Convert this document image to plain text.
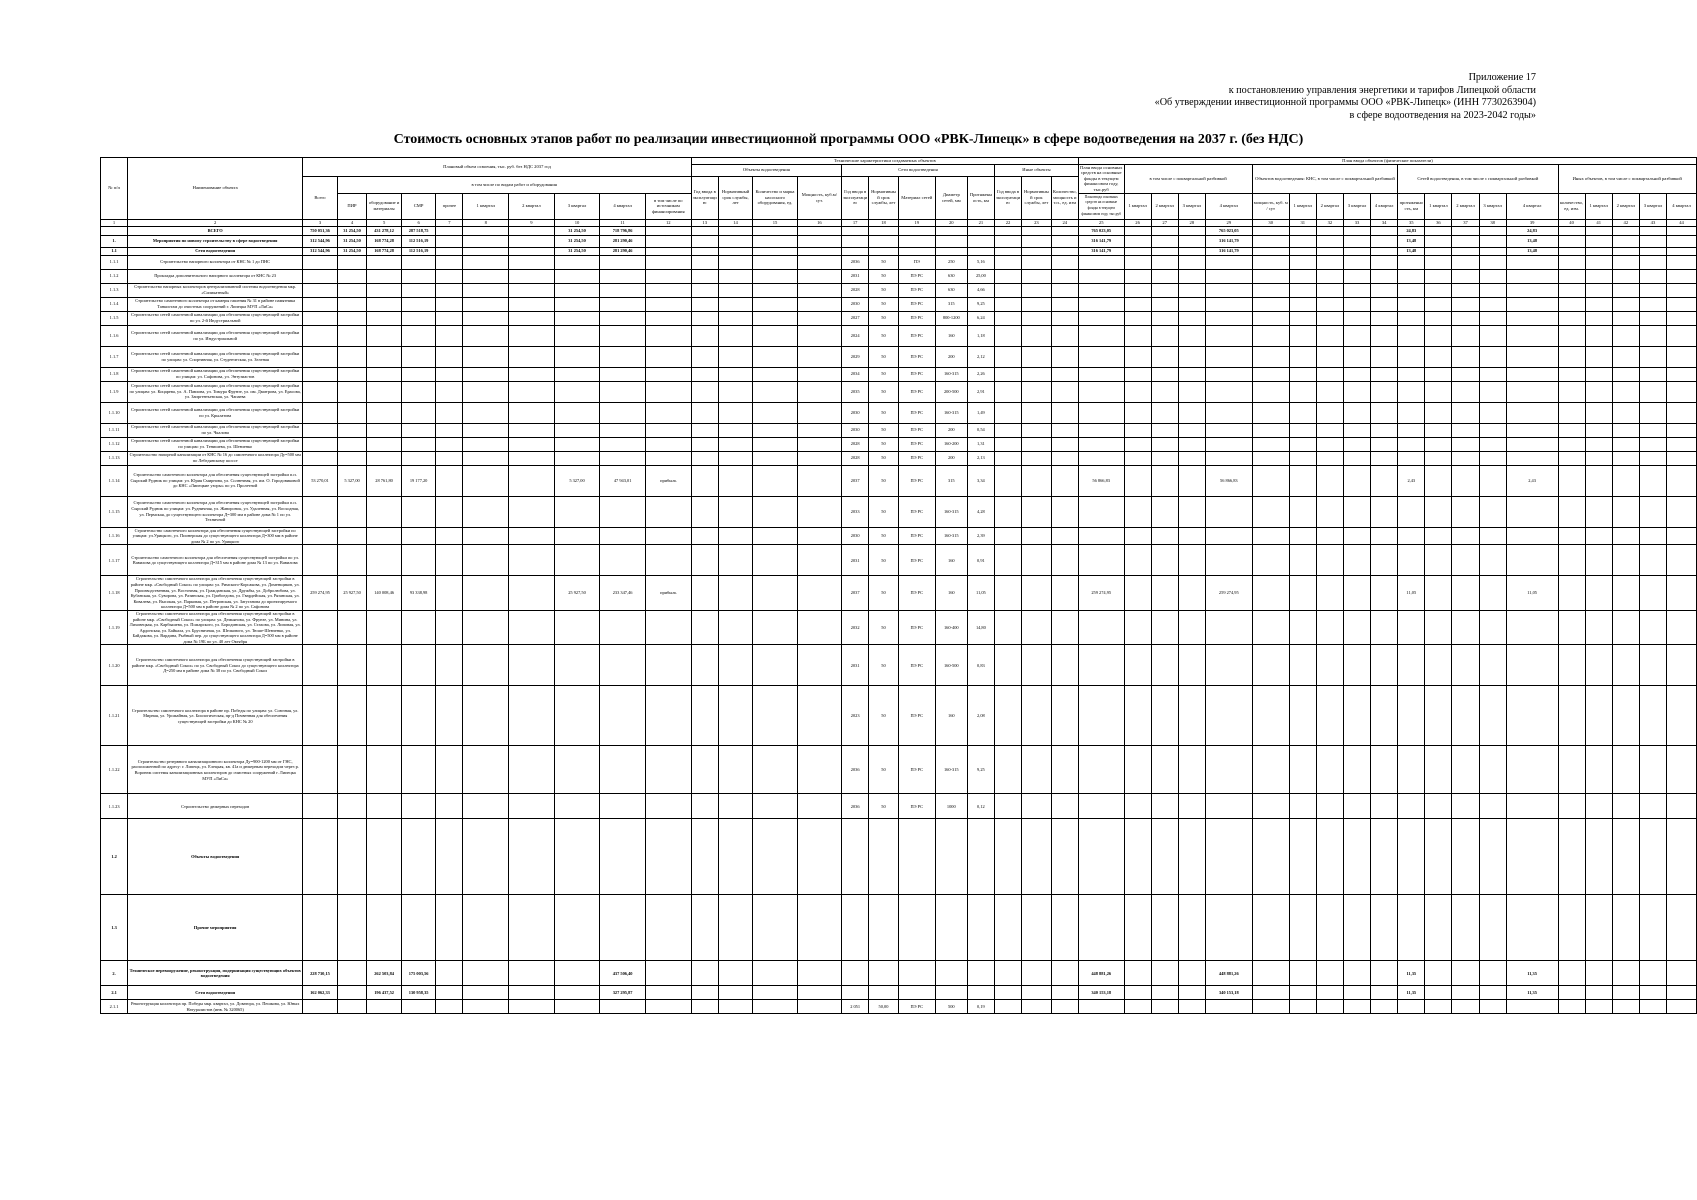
Приложение 17
к постановлению управления энергетики и тарифов Липецкой области
«Об утверждении инвестиционной программы ООО «РВК-Липецк» (ИНН 7730263904)
в сфере водоотведения на 2023-2042 годы»
Стоимость основных этапов работ по реализации инвестиционной программы ООО «РВК-Липецк» в сфере водоотведения на 2037 г. (без НДС)
№ п/п	Наименование объекта	Плановый объем освоения, тыс. руб. без НДС 2037 год										Технические характеристики создаваемых объектов												План ввода объектов (физические показатели)																			
												Объекты водоотведения				Сети водоотведения					Иные объекты			План ввода основных средств на основные фонды в текущем финансовом году, тыс.руб	в том числе с поквартальной разбивкой				Объектов водоотведения: КНС, в том числе с поквартальной разбивкой					Сетей водоотведения, в том числе с поквартальной разбивкой					Иных объектов, в том числе с поквартальной разбивкой				
		Всего	в том числе по видам работ и оборудования									Год ввода в эксплуатацию	Нормативный срок службы, лет	Количество и марка насосного оборудования, ед.	Мощность, куб.м/сут.	Год ввода в эксплуатацию	Нормативный срок службы, лет	Материал сетей	Диаметр сетей, мм	Протяженность, км	Год ввода в эксплуатацию	Нормативный срок службы, лет	Количество, мощность и т.п., ед. изм																				
			ПИР	оборудование и материалы	СМР	прочее	1 квартал	2 квартал	3 квартал	4 квартал	в том числе по источникам финансирования													План ввода основных средств на основные фонды в текущем финансовом году, тыс.руб	1 квартал	2 квартал	3 квартал	4 квартал	мощность, куб. м / сут	1 квартал	2 квартал	3 квартал	4 квартал	протяженность, км	1 квартал	2 квартал	3 квартал	4 квартал	количество, ед. изм.	1 квартал	2 квартал	3 квартал	4 квартал
1	2	3	4	5	6	7	8	9	10	11	12	13	14	15	16	17	18	19	20	21	22	23	24	25	26	27	28	29	30	31	32	33	34	35	36	37	38	39	40	41	42	43	44
	ВСЕГО	750 051,36	31 254,50	431 278,12	287 518,75				31 254,50	718 796,86														765 023,05				765 023,05						24,83				24,83					
1.	Мероприятия по новому строительству в сфере водоотведения	312 544,96	31 254,50	168 774,28	112 516,19				31 254,50	281 290,46														316 141,79				316 141,79						13,48				13,48					
1.1	Сети водоотведения	312 544,96	31 254,50	168 774,28	112 516,19				31 254,50	281 290,46														316 141,79				316 141,79						13,48				13,48					
1.1.1	Строительство напорного коллектора от КНС № 1 до ПНС															2036	50	ПЭ	250	5,16																							
1.1.2	Прокладка дополнительного напорного коллектора от КНС № 23															2031	50	ПЭ РС	630	25,00																							
1.1.3	Строительство напорных коллекторов централизованной системы водоотведения мкр. «Силикатный»															2028	50	ПЭ РС	630	4,66																							
1.1.4	Строительство самотечного коллектора от камеры гашения № 31 в районе памятника Танкистам до очистных сооружений г. Липецка МУП «ЛиСа»															2030	50	ПЭ РС	315	9,25																							
1.1.5	Строительство сетей самотечной канализации для обеспечения существующей застройки по ул. 2-й Индустриальной															2027	50	ПЭ РС	800-1200	6,24																							
1.1.6	Строительство сетей самотечной канализации для обеспечения существующей застройки по ул. Индустриальной															2024	50	ПЭ РС	160	1,18																							
1.1.7	Строительство сетей самотечной канализации для обеспечения существующей застройки по улицам: ул. Спортивная, ул. Студенческая, ул. Зеленая															2029	50	ПЭ РС	200	2,12																							
1.1.8	Строительство сетей самотечной канализации для обеспечения существующей застройки по улицам: ул. Сафонова, ул. Энтузиастов															2034	50	ПЭ РС	160-315	2,26																							
1.1.9	Строительство сетей самотечной канализации для обеспечения существующей застройки по улицам: ул. Коцарева, ул. А. Павлова, ул. Тимура Фрунзе, ул. им. Дмитрова, ул. Ерасова, ул. Заиргентьевская, ул. Чапаева															2035	50	ПЭ РС	200-500	2,91																							
1.1.10	Строительство сетей самотечной канализации для обеспечения существующей застройки по ул. Крылатова															2030	50	ПЭ РС	160-315	1,49																							
1.1.11	Строительство сетей самотечной канализации для обеспечения существующей застройки по ул. Чкалова															2030	50	ПЭ РС	200	0,54																							
1.1.12	Строительство сетей самотечной канализации для обеспечения существующей застройки по улицам: ул. Тенишева, ул. Шевченко															2028	50	ПЭ РС	160-200	1,31																							
1.1.13	Строительство напорной канализации от КНС № 16 до самотечного коллектора Ду=500 мм по Лебедянскому шоссе															2028	50	ПЭ РС	200	2,13																							
1.1.14	Строительство самотечного коллектора для обеспечения существующей застройки п.п. Сырский Рудник по улицам: ул. Юрия Смирнова, ул. Солнечная, ул. им. О. Городовиковой до КНС «Липецкие узоры» по ул. Пролетной	53 270,01	5 327,00	28 761,80	19 177,20				5 327,00	47 943,01	прибыль					2037	50	ПЭ РС	315	3,34				56 866,83				56 866,83						2,43				2,43					
1.1.15	Строительство самотечного коллектора для обеспечения существующей застройки п.п. Сырский Рудник по улицам: ул. Рудничная, ул. Жаворонок, ул. Удаленная, ул. Восходная, ул. Пермская, до существующего коллектора Д=300 мм в районе дома № 1 по ул. Техничной															2033	50	ПЭ РС	160-315	4,28																							
1.1.16	Строительство самотечного коллектора для обеспечения существующей застройки по улицам: ул.Урицкого, ул. Пионерская до существующего коллектора Д=300 мм в районе дома № 2 по ул. Урицкого															2030	50	ПЭ РС	160-315	2,39																							
1.1.17	Строительство самотечного коллектора для обеспечения существующей застройки по ул. Вавилова до существующего коллектора Д=315 мм в районе дома № 13 по ул. Вавилова															2031	50	ПЭ РС	160	0,91																							
1.1.18	Строительство самотечного коллектора для обеспечения существующей застройки в районе мкр. «Свободный Сокол» по улицам: ул. Римского-Корсакова, ул. Доменщиков, ул. Производственная, ул. Восточная, ул. Гражданская, ул. Дружбы, ул. Добролюбова, ул. Кубанская, ул. Суворова, ул. Разинская, ул. Грибоедова, ул. Гвардейская, ул. Рязанская, ул. Ковалева, ул. Высокая, ул. Парковая, ул. Петровская, ул. Затуганова до проектируемого коллектора Д=500 мм в районе дома № 2 по ул. Сафонова	259 274,95	25 927,50	140 008,46	93 338,98				25 927,50	233 347,46	прибыль					2037	50	ПЭ РС	160	11,05				259 274,95				259 274,95						11,05				11,05					
1.1.19	Строительство самотечного коллектора для обеспечения существующей застройки в районе мкр. «Свободный Сокол» по улицам: ул. Демьянова, ул. Фрунзе, ул. Минина, ул. Лиховецкая, ул. Карбышева, ул. Пожарского, ул. Бородинская, ул. Стахова, ул. Липовая, ул. Ардонская, ул. Байкала, ул. Брусничная, ул. Шелкового, ул. Тюше-Шевченко, ул. Байдакова, ул. Вардина, Рыбный пер. до существующего коллектора Д=500 мм в районе дома № 19Б по ул. 40 лет Октября															2032	50	ПЭ РС	160-400	14,80																							
1.1.20	Строительство самотечного коллектора для обеспечения существующей застройки в районе мкр. «Свободный Сокол» по ул. Свободный Сокол до существующего коллектора Д=250 мм в районе дома № 38 по ул. Свободный Сокол															2031	50	ПЭ РС	160-500	0,83																							
1.1.21	Строительство самотечного коллектора в районе пр. Победы по улицам: ул. Союзная, ул. Мирная, ул. Урожайная, ул. Биологическая, пр-д Почвенная для обеспечения существующей застройки до КНС № 20															2023	50	ПЭ РС	160	2,08																							
1.1.22	Строительство резервного канализационного коллектора Ду=900-1200 мм от ГНС, расположенной по адресу: г. Липецк, ул. Елецкая, кв. 41а и дюкерным переходом через р. Воронеж системы канализационных коллекторов до очистных сооружений г. Липецка МУП «ЛиСа»															2036	50	ПЭ РС	160-315	9,25																							
1.1.23	Строительство дюкерных переходов															2036	50	ПЭ РС	1000	0,12																							
1.2	Объекты водоотведения																																										
1.3	Прочие мероприятия																																										
2.	Техническое перевооружение, реконструкция, модернизация существующих объектов водоотведения	228 730,15		262 503,84	175 003,56					437 506,40														448 881,26				448 881,26						11,35				11,35					
2.1	Сети водоотведения	162 062,33		196 437,52	130 958,35					327 295,87														340 153,18				340 153,18						11,35				11,35					
2.1.1	Реконструкция коллектора пр. Победы мкр. квартал, ул. Доватора, ул. Пешкова, ул. Юных Натуралистов (инв. № 320065)															2 051	50,00	ПЭ РС	500	0,19																							
